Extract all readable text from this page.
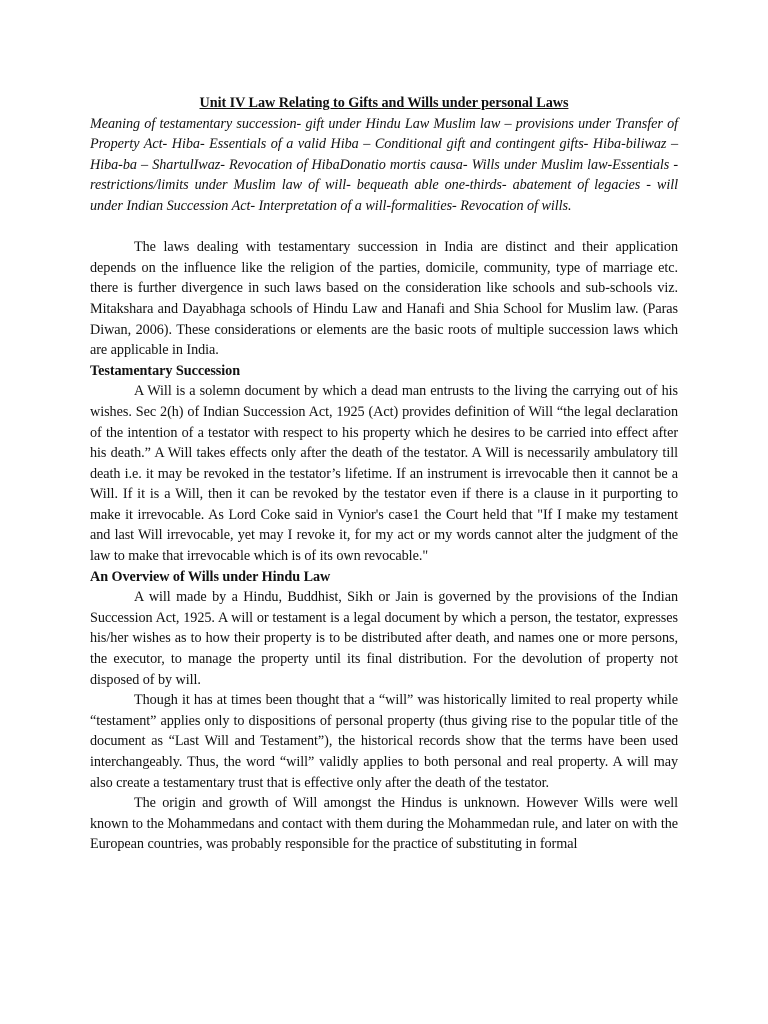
Unit IV Law Relating to Gifts and Wills under personal Laws

Meaning of testamentary succession- gift under Hindu Law Muslim law – provisions under Transfer of Property Act- Hiba- Essentials of a valid Hiba – Conditional gift and contingent gifts- Hiba-biliwaz – Hiba-ba – ShartulIwaz- Revocation of HibaDonatio mortis causa- Wills under Muslim law-Essentials - restrictions/limits under Muslim law of will- bequeath able one-thirds- abatement of legacies - will under Indian Succession Act- Interpretation of a will-formalities- Revocation of wills.

The laws dealing with testamentary succession in India are distinct and their application depends on the influence like the religion of the parties, domicile, community, type of marriage etc. there is further divergence in such laws based on the consideration like schools and sub-schools viz. Mitakshara and Dayabhaga schools of Hindu Law and Hanafi and Shia School for Muslim law. (Paras Diwan, 2006). These considerations or elements are the basic roots of multiple succession laws which are applicable in India.

Testamentary Succession

A Will is a solemn document by which a dead man entrusts to the living the carrying out of his wishes. Sec 2(h) of Indian Succession Act, 1925 (Act) provides definition of Will “the legal declaration of the intention of a testator with respect to his property which he desires to be carried into effect after his death.” A Will takes effects only after the death of the testator. A Will is necessarily ambulatory till death i.e. it may be revoked in the testator’s lifetime. If an instrument is irrevocable then it cannot be a Will. If it is a Will, then it can be revoked by the testator even if there is a clause in it purporting to make it irrevocable. As Lord Coke said in Vynior's case1 the Court held that "If I make my testament and last Will irrevocable, yet may I revoke it, for my act or my words cannot alter the judgment of the law to make that irrevocable which is of its own revocable."

An Overview of Wills under Hindu Law

A will made by a Hindu, Buddhist, Sikh or Jain is governed by the provisions of the Indian Succession Act, 1925. A will or testament is a legal document by which a person, the testator, expresses his/her wishes as to how their property is to be distributed after death, and names one or more persons, the executor, to manage the property until its final distribution. For the devolution of property not disposed of by will.

Though it has at times been thought that a “will” was historically limited to real property while “testament” applies only to dispositions of personal property (thus giving rise to the popular title of the document as “Last Will and Testament”), the historical records show that the terms have been used interchangeably. Thus, the word “will” validly applies to both personal and real property. A will may also create a testamentary trust that is effective only after the death of the testator.

The origin and growth of Will amongst the Hindus is unknown. However Wills were well known to the Mohammedans and contact with them during the Mohammedan rule, and later on with the European countries, was probably responsible for the practice of substituting in formal
